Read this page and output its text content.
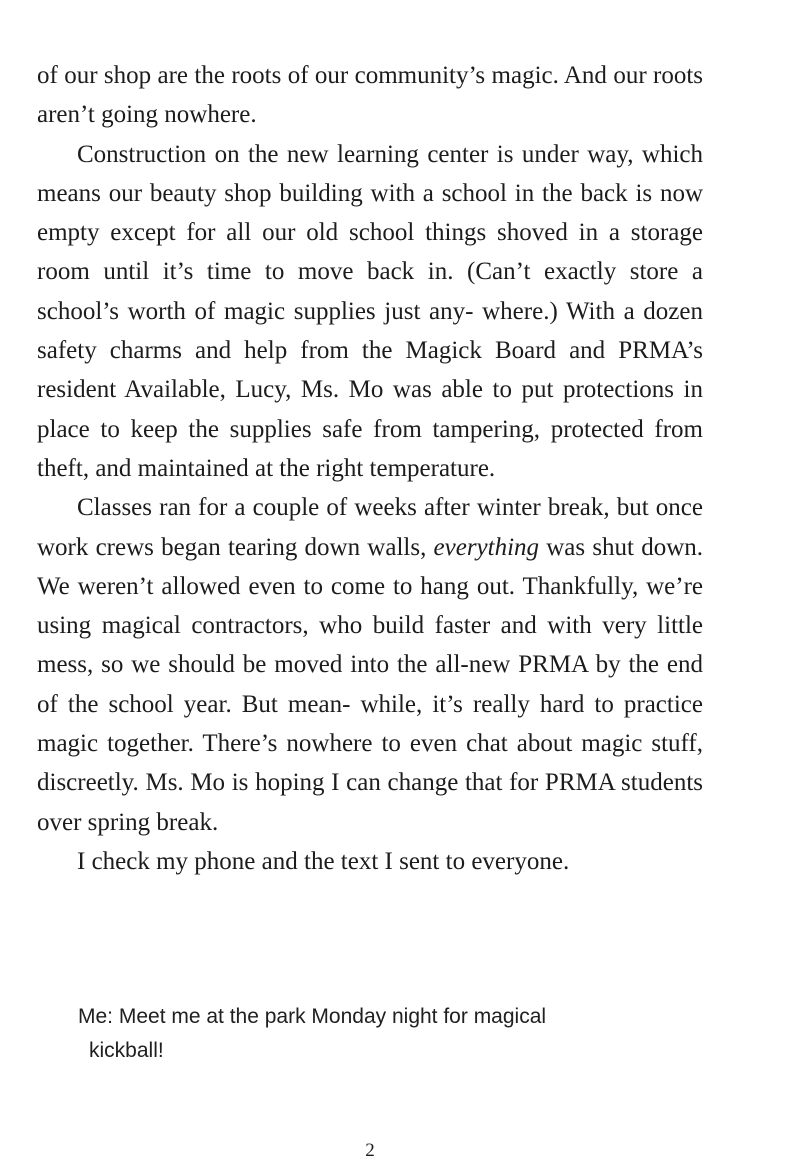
of our shop are the roots of our community’s magic. And our roots aren’t going nowhere.

Construction on the new learning center is under way, which means our beauty shop building with a school in the back is now empty except for all our old school things shoved in a storage room until it’s time to move back in. (Can’t exactly store a school’s worth of magic supplies just any- where.) With a dozen safety charms and help from the Magick Board and PRMA’s resident Available, Lucy, Ms. Mo was able to put protections in place to keep the supplies safe from tampering, protected from theft, and maintained at the right temperature.

Classes ran for a couple of weeks after winter break, but once work crews began tearing down walls, everything was shut down. We weren’t allowed even to come to hang out. Thankfully, we’re using magical contractors, who build faster and with very little mess, so we should be moved into the all-new PRMA by the end of the school year. But mean- while, it’s really hard to practice magic together. There’s nowhere to even chat about magic stuff, discreetly. Ms. Mo is hoping I can change that for PRMA students over spring break.

I check my phone and the text I sent to everyone.

Me: Meet me at the park Monday night for magical
kickball!
2
